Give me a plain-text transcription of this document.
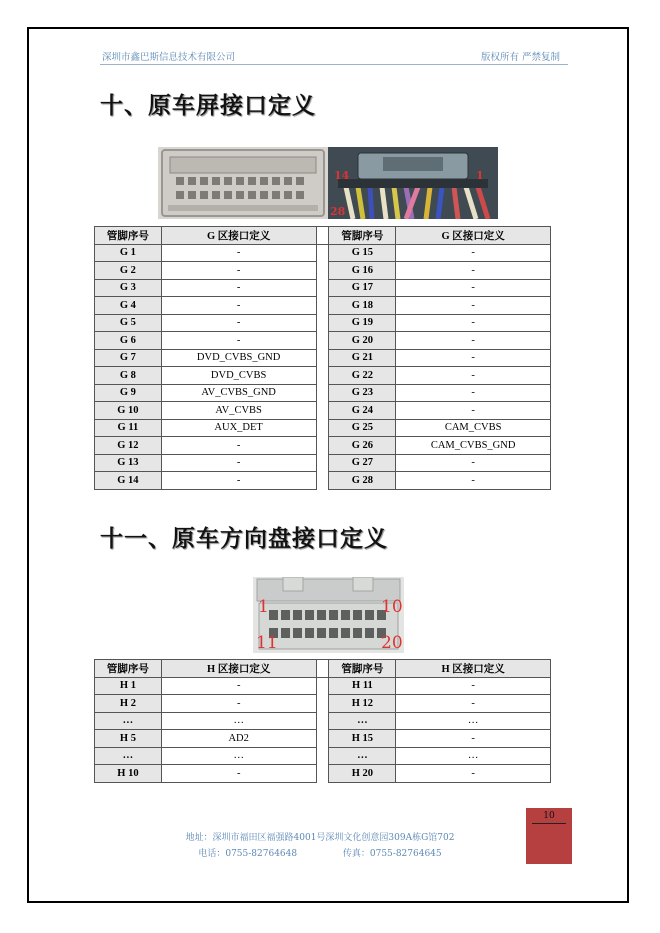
深圳市鑫巴斯信息技术有限公司	版权所有 严禁复制
十、原车屏接口定义
14	1
28
管脚序号	G 区接口定义		管脚序号	G 区接口定义
G 1	-		G 15	-
G 2	-		G 16	-
G 3	-		G 17	-
G 4	-		G 18	-
G 5	-		G 19	-
G 6	-		G 20	-
G 7	DVD_CVBS_GND		G 21	-
G 8	DVD_CVBS		G 22	-
G 9	AV_CVBS_GND		G 23	-
G 10	AV_CVBS		G 24	-
G 11	AUX_DET		G 25	CAM_CVBS
G 12	-		G 26	CAM_CVBS_GND
G 13	-		G 27	-
G 14	-		G 28	-
十一、原车方向盘接口定义
1	10
11	20
管脚序号	H 区接口定义		管脚序号	H 区接口定义
H 1	-		H 11	-
H 2	-		H 12	-
…	…		…	…
H 5	AD2		H 15	-
…	…		…	…
H 10	-		H 20	-
地址：深圳市福田区福强路4001号深圳文化创意园309A栋G馆702
电话：0755-82764648	传真：0755-82764645
10
